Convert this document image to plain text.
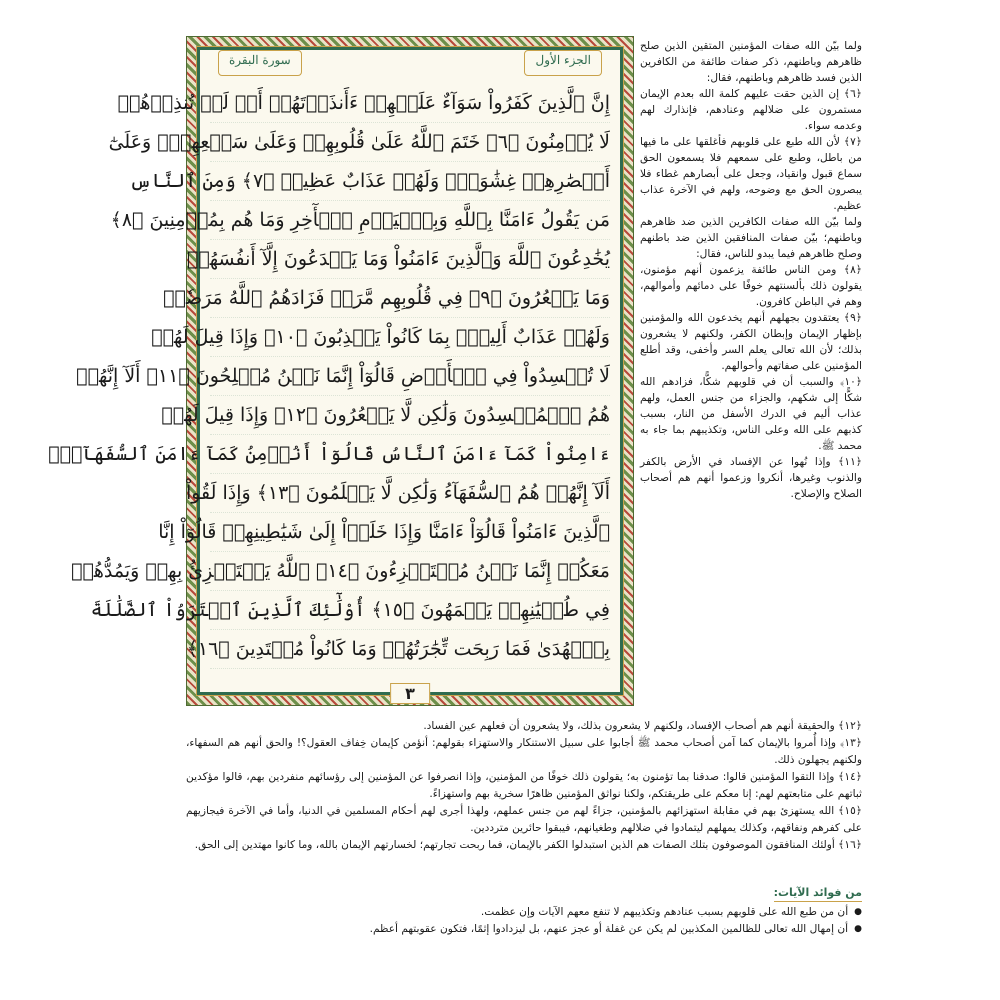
سورة البقرة	الجزء الأول
إِنَّ ٱلَّذِينَ كَفَرُواْ سَوَآءٌ عَلَيۡهِمۡ ءَأَنذَرۡتَهُمۡ أَمۡ لَمۡ تُنذِرۡهُمۡ
لَا يُؤۡمِنُونَ ﴿٦﴾ خَتَمَ ٱللَّهُ عَلَىٰ قُلُوبِهِمۡ وَعَلَىٰ سَمۡعِهِمۡۖ وَعَلَىٰٓ
أَبۡصَٰرِهِمۡ غِشَٰوَةٞۖ وَلَهُمۡ عَذَابٌ عَظِيمٞ ﴿٧﴾ وَمِنَ ٱلنَّاسِ
مَن يَقُولُ ءَامَنَّا بِٱللَّهِ وَبِٱلۡيَوۡمِ ٱلۡأٓخِرِ وَمَا هُم بِمُؤۡمِنِينَ ﴿٨﴾
يُخَٰدِعُونَ ٱللَّهَ وَٱلَّذِينَ ءَامَنُواْ وَمَا يَخۡدَعُونَ إِلَّآ أَنفُسَهُمۡ
وَمَا يَشۡعُرُونَ ﴿٩﴾ فِي قُلُوبِهِم مَّرَضٞ فَزَادَهُمُ ٱللَّهُ مَرَضٗاۖ
وَلَهُمۡ عَذَابٌ أَلِيمُۢ بِمَا كَانُواْ يَكۡذِبُونَ ﴿١٠﴾ وَإِذَا قِيلَ لَهُمۡ
لَا تُفۡسِدُواْ فِي ٱلۡأَرۡضِ قَالُوٓاْ إِنَّمَا نَحۡنُ مُصۡلِحُونَ ﴿١١﴾ أَلَآ إِنَّهُمۡ
هُمُ ٱلۡمُفۡسِدُونَ وَلَٰكِن لَّا يَشۡعُرُونَ ﴿١٢﴾ وَإِذَا قِيلَ لَهُمۡ
ءَامِنُواْ كَمَآ ءَامَنَ ٱلنَّاسُ قَالُوٓاْ أَنُؤۡمِنُ كَمَآ ءَامَنَ ٱلسُّفَهَآءُۗ
أَلَآ إِنَّهُمۡ هُمُ ٱلسُّفَهَآءُ وَلَٰكِن لَّا يَعۡلَمُونَ ﴿١٣﴾ وَإِذَا لَقُواْ
ٱلَّذِينَ ءَامَنُواْ قَالُوٓاْ ءَامَنَّا وَإِذَا خَلَوۡاْ إِلَىٰ شَيَٰطِينِهِمۡ قَالُوٓاْ إِنَّا
مَعَكُمۡ إِنَّمَا نَحۡنُ مُسۡتَهۡزِءُونَ ﴿١٤﴾ ٱللَّهُ يَسۡتَهۡزِئُ بِهِمۡ وَيَمُدُّهُمۡ
فِي طُغۡيَٰنِهِمۡ يَعۡمَهُونَ ﴿١٥﴾ أُوْلَٰٓئِكَ ٱلَّذِينَ ٱشۡتَرَوُاْ ٱلضَّلَٰلَةَ
بِٱلۡهُدَىٰ فَمَا رَبِحَت تِّجَٰرَتُهُمۡ وَمَا كَانُواْ مُهۡتَدِينَ ﴿١٦﴾
٣

ولما بيّن الله صفات المؤمنين المتقين الذين صلح ظاهرهم وباطنهم، ذكر صفات طائفة من الكافرين الذين فسد ظاهرهم وباطنهم، فقال:

﴿٦﴾ إن الذين حقت عليهم كلمة الله بعدم الإيمان مستمرون على ضلالهم وعنادهم، فإنذارك لهم وعدمه سواء.

﴿٧﴾ لأن الله طبع على قلوبهم فأغلقها على ما فيها من باطل، وطبع على سمعهم فلا يسمعون الحق سماع قبول وانقياد، وجعل على أبصارهم غطاء فلا يبصرون الحق مع وضوحه، ولهم في الآخرة عذاب عظيم.

ولما بيّن الله صفات الكافرين الذين ضد ظاهرهم وباطنهم؛ بيّن صفات المنافقين الذين ضد باطنهم وصلح ظاهرهم فيما يبدو للناس، فقال:

﴿٨﴾ ومن الناس طائفة يزعمون أنهم مؤمنون، يقولون ذلك بألسنتهم خوفًا على دمائهم وأموالهم، وهم في الباطن كافرون.

﴿٩﴾ يعتقدون بجهلهم أنهم يخدعون الله والمؤمنين بإظهار الإيمان وإبطان الكفر، ولكنهم لا يشعرون بذلك؛ لأن الله تعالى يعلم السر وأخفى، وقد أطلع المؤمنين على صفاتهم وأحوالهم.

﴿١٠﴾ والسبب أن في قلوبهم شكًّا، فزادهم الله شكًّا إلى شكهم، والجزاء من جنس العمل، ولهم عذاب أليم في الدرك الأسفل من النار، بسبب كذبهم على الله وعلى الناس، وتكذيبهم بما جاء به محمد ﷺ.

﴿١١﴾ وإذا نُهوا عن الإفساد في الأرض بالكفر والذنوب وغيرها، أنكروا وزعموا أنهم هم أصحاب الصلاح والإصلاح.

﴿١٢﴾ والحقيقة أنهم هم أصحاب الإفساد، ولكنهم لا يشعرون بذلك، ولا يشعرون أن فعلهم عين الفساد.

﴿١٣﴾ وإذا أُمروا بالإيمان كما آمن أصحاب محمد ﷺ أجابوا على سبيل الاستنكار والاستهزاء بقولهم: أنؤمن كإيمان خِفاف العقول؟! والحق أنهم هم السفهاء، ولكنهم يجهلون ذلك.

﴿١٤﴾ وإذا التقوا المؤمنين قالوا: صدقنا بما تؤمنون به؛ يقولون ذلك خوفًا من المؤمنين، وإذا انصرفوا عن المؤمنين إلى رؤسائهم منفردين بهم، قالوا مؤكدين ثباتهم على متابعتهم لهم: إنا معكم على طريقتكم، ولكنا نواثق المؤمنين ظاهرًا سخرية بهم واستهزاءً.

﴿١٥﴾ الله يستهزئ بهم في مقابلة استهزائهم بالمؤمنين، جزاءً لهم من جنس عملهم، ولهذا أجرى لهم أحكام المسلمين في الدنيا، وأما في الآخرة فيجازيهم على كفرهم ونفاقهم، وكذلك يمهلهم ليتمادوا في ضلالهم وطغيانهم، فيبقوا حائرين مترددين.

﴿١٦﴾ أولئك المنافقون الموصوفون بتلك الصفات هم الذين استبدلوا الكفر بالإيمان، فما ربحت تجارتهم؛ لخسارتهم الإيمان بالله، وما كانوا مهتدين إلى الحق.

من فوائد الآيات:
●
أن من طبع الله على قلوبهم بسبب عنادهم وتكذيبهم لا تنفع معهم الآيات وإن عظمت.
●
أن إمهال الله تعالى للظالمين المكذبين لم يكن عن غفلة أو عجز عنهم، بل ليزدادوا إثمًا، فتكون عقوبتهم أعظم.
